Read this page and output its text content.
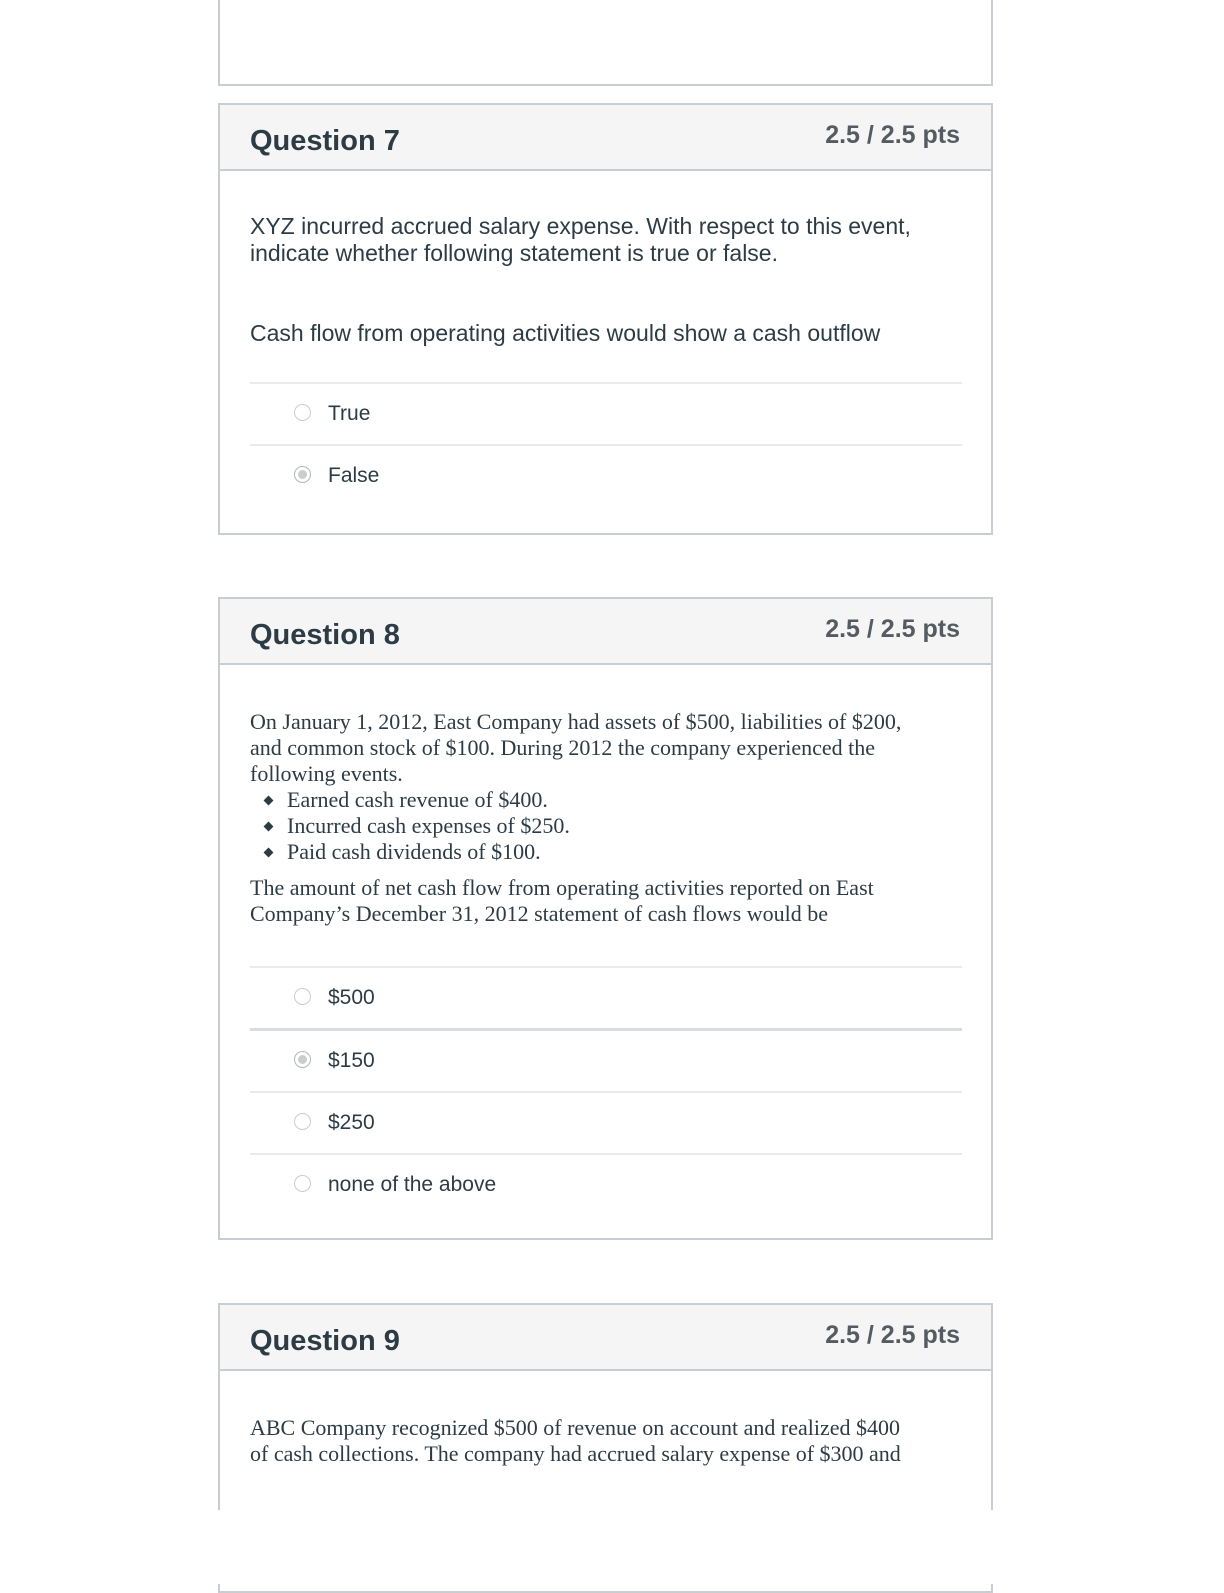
Question 7	2.5 / 2.5 pts
XYZ incurred accrued salary expense. With respect to this event,
indicate whether following statement is true or false.
Cash flow from operating activities would show a cash outflow
True
False
Question 8	2.5 / 2.5 pts
On January 1, 2012, East Company had assets of $500, liabilities of $200,
and common stock of $100. During 2012 the company experienced the
following events.
Earned cash revenue of $400.
Incurred cash expenses of $250.
Paid cash dividends of $100.
The amount of net cash flow from operating activities reported on East
Company’s December 31, 2012 statement of cash flows would be
$500
$150
$250
none of the above
Question 9	2.5 / 2.5 pts
ABC Company recognized $500 of revenue on account and realized $400
of cash collections. The company had accrued salary expense of $300 and
